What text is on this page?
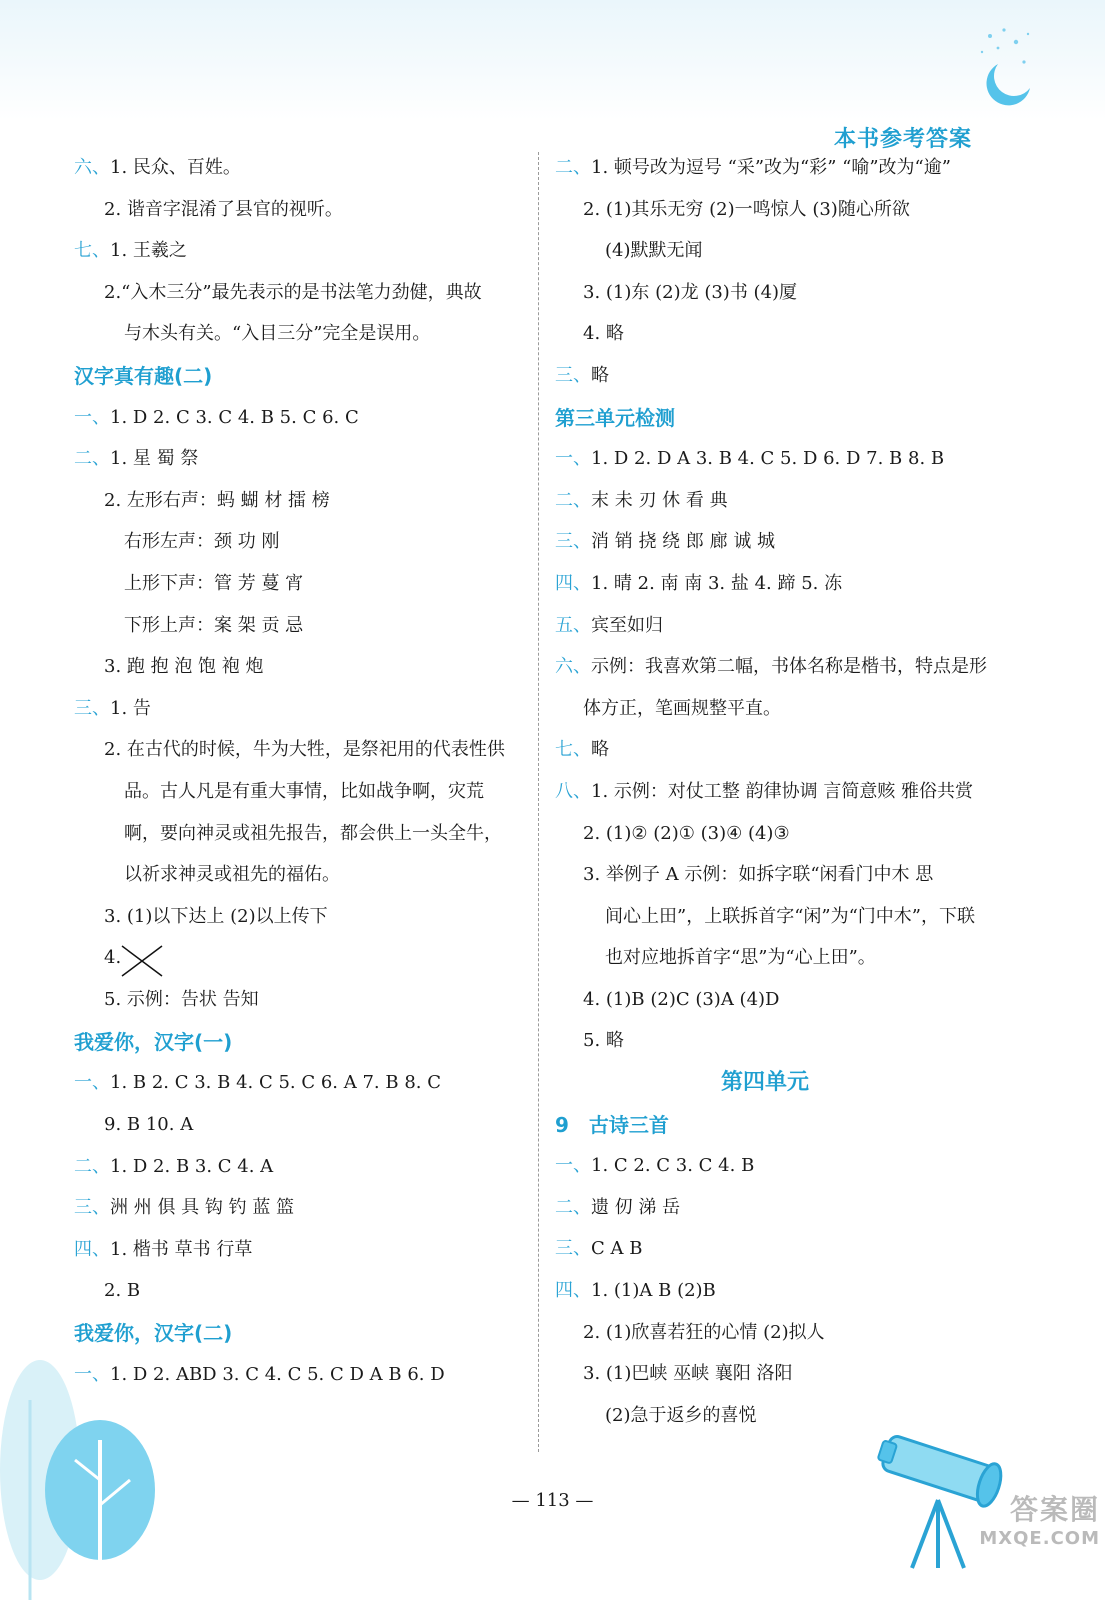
本书参考答案
六、1. 民众、百姓。
2. 谐音字混淆了县官的视听。
七、1. 王羲之
2.“入木三分”最先表示的是书法笔力劲健，典故
与木头有关。“入目三分”完全是误用。
汉字真有趣(二)
一、1. D 2. C 3. C 4. B 5. C 6. C
二、1. 星 蜀 祭
2. 左形右声：蚂 蝴 材 擂 榜
右形左声：颈 功 刚
上形下声：管 芳 蔓 宵
下形上声：案 架 贡 忌
3. 跑 抱 泡 饱 袍 炮
三、1. 告
2. 在古代的时候，牛为大牲，是祭祀用的代表性供
品。古人凡是有重大事情，比如战争啊，灾荒
啊，要向神灵或祖先报告，都会供上一头全牛，
以祈求神灵或祖先的福佑。
3. (1)以下达上 (2)以上传下
4.
5. 示例：告状 告知
我爱你，汉字(一)
一、1. B 2. C 3. B 4. C 5. C 6. A 7. B 8. C
9. B 10. A
二、1. D 2. B 3. C 4. A
三、洲 州 俱 具 钩 钓 蓝 篮
四、1. 楷书 草书 行草
2. B
我爱你，汉字(二)
一、1. D 2. ABD 3. C 4. C 5. C D A B 6. D
二、1. 顿号改为逗号 “采”改为“彩” “喻”改为“逾”
2. (1)其乐无穷 (2)一鸣惊人 (3)随心所欲
(4)默默无闻
3. (1)东 (2)龙 (3)书 (4)厦
4. 略
三、略
第三单元检测
一、1. D 2. D A 3. B 4. C 5. D 6. D 7. B 8. B
二、末 未 刃 休 看 典
三、消 销 挠 绕 郎 廊 诚 城
四、1. 晴 2. 南 南 3. 盐 4. 蹄 5. 冻
五、宾至如归
六、示例：我喜欢第二幅，书体名称是楷书，特点是形
体方正，笔画规整平直。
七、略
八、1. 示例：对仗工整 韵律协调 言简意赅 雅俗共赏
2. (1)② (2)① (3)④ (4)③
3. 举例子 A 示例：如拆字联“闲看门中木 思
间心上田”，上联拆首字“闲”为“门中木”，下联
也对应地拆首字“思”为“心上田”。
4. (1)B (2)C (3)A (4)D
5. 略
第四单元
9　古诗三首
一、1. C 2. C 3. C 4. B
二、遗 仞 涕 岳
三、C A B
四、1. (1)A B (2)B
2. (1)欣喜若狂的心情 (2)拟人
3. (1)巴峡 巫峡 襄阳 洛阳
(2)急于返乡的喜悦
— 113 —	答案圈
MXQE.COM
